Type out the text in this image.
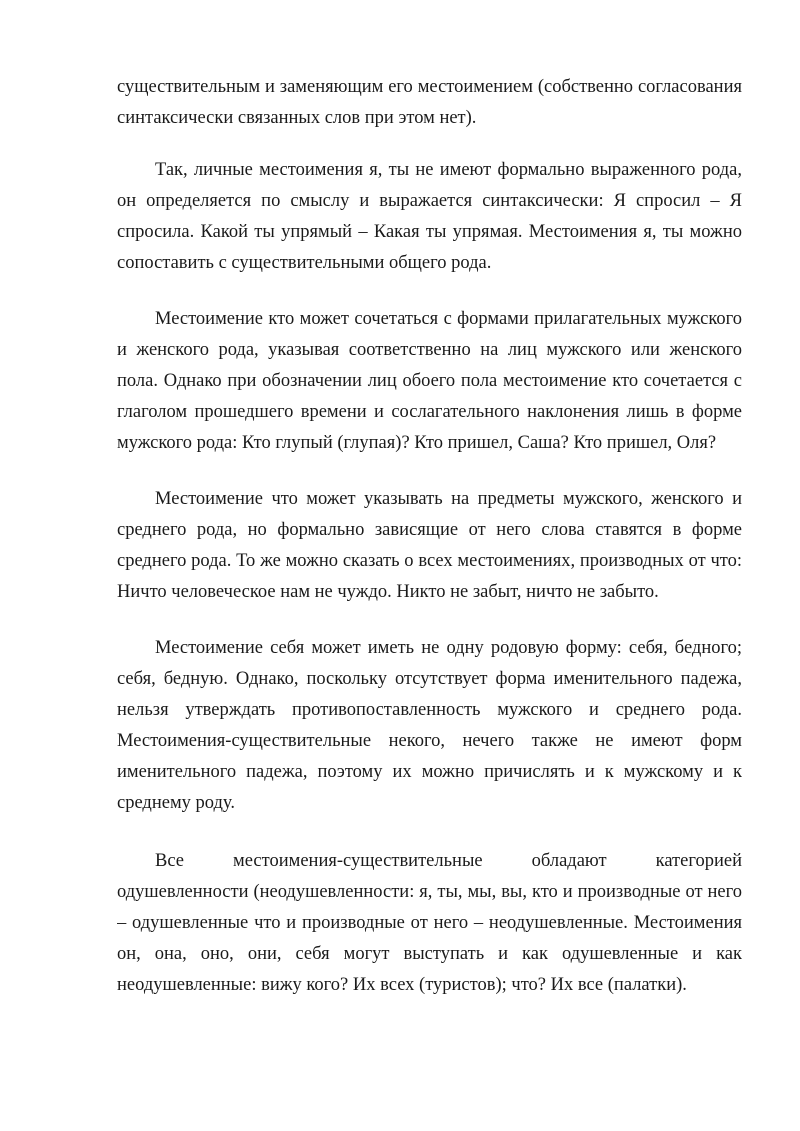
существительным и заменяющим его местоимением (собственно согласования
синтаксически связанных слов при этом нет).
Так, личные местоимения я, ты не имеют формально выраженного рода,
он определяется по смыслу и выражается синтаксически: Я спросил – Я
спросила. Какой ты упрямый – Какая ты упрямая. Местоимения я, ты можно
сопоставить с существительными общего рода.
Местоимение кто может сочетаться с формами прилагательных мужского
и женского рода, указывая соответственно на лиц мужского или женского
пола. Однако при обозначении лиц обоего пола местоимение кто сочетается с
глаголом прошедшего времени и сослагательного наклонения лишь в форме
мужского рода: Кто глупый (глупая)? Кто пришел, Саша? Кто пришел, Оля?
Местоимение что может указывать на предметы мужского, женского и
среднего рода, но формально зависящие от него слова ставятся в форме
среднего рода. То же можно сказать о всех местоимениях, производных от что:
Ничто человеческое нам не чуждо. Никто не забыт, ничто не забыто.
Местоимение себя может иметь не одну родовую форму: себя, бедного;
себя, бедную. Однако, поскольку отсутствует форма именительного падежа,
нельзя утверждать противопоставленность мужского и среднего рода.
Местоимения-существительные некого, нечего также не имеют форм
именительного падежа, поэтому их можно причислять и к мужскому и к
среднему роду.
Все местоимения-существительные обладают категорией
одушевленности (неодушевленности: я, ты, мы, вы, кто и производные от него
– одушевленные что и производные от него – неодушевленные. Местоимения
он, она, оно, они, себя могут выступать и как одушевленные и как
неодушевленные: вижу кого? Их всех (туристов); что? Их все (палатки).
